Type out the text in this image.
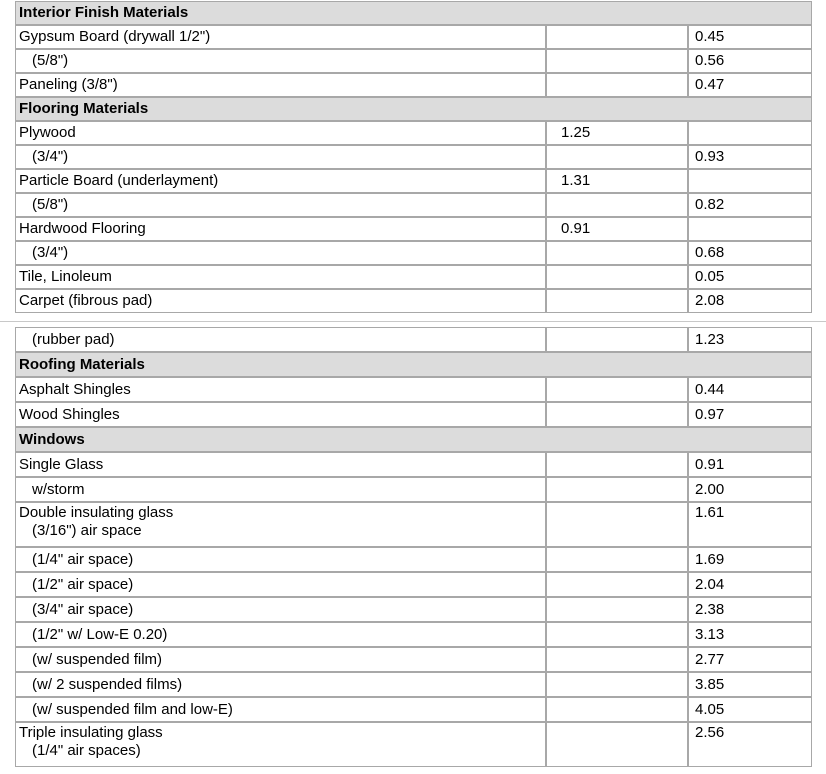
Interior Finish Materials		
Gypsum Board (drywall 1/2")		0.45
(5/8")		0.56
Paneling (3/8")		0.47
Flooring Materials		
Plywood	1.25	
(3/4")		0.93
Particle Board (underlayment)	1.31	
(5/8")		0.82
Hardwood Flooring	0.91	
(3/4")		0.68
Tile, Linoleum		0.05
Carpet (fibrous pad)		2.08
(rubber pad)		1.23
Roofing Materials		
Asphalt Shingles		0.44
Wood Shingles		0.97
Windows		
Single Glass		0.91
w/storm		2.00
Double insulating glass
(3/16") air space		1.61
(1/4" air space)		1.69
(1/2" air space)		2.04
(3/4" air space)		2.38
(1/2" w/ Low-E 0.20)		3.13
(w/ suspended film)		2.77
(w/ 2 suspended films)		3.85
(w/ suspended film and low-E)		4.05
Triple insulating glass
(1/4" air spaces)		2.56
